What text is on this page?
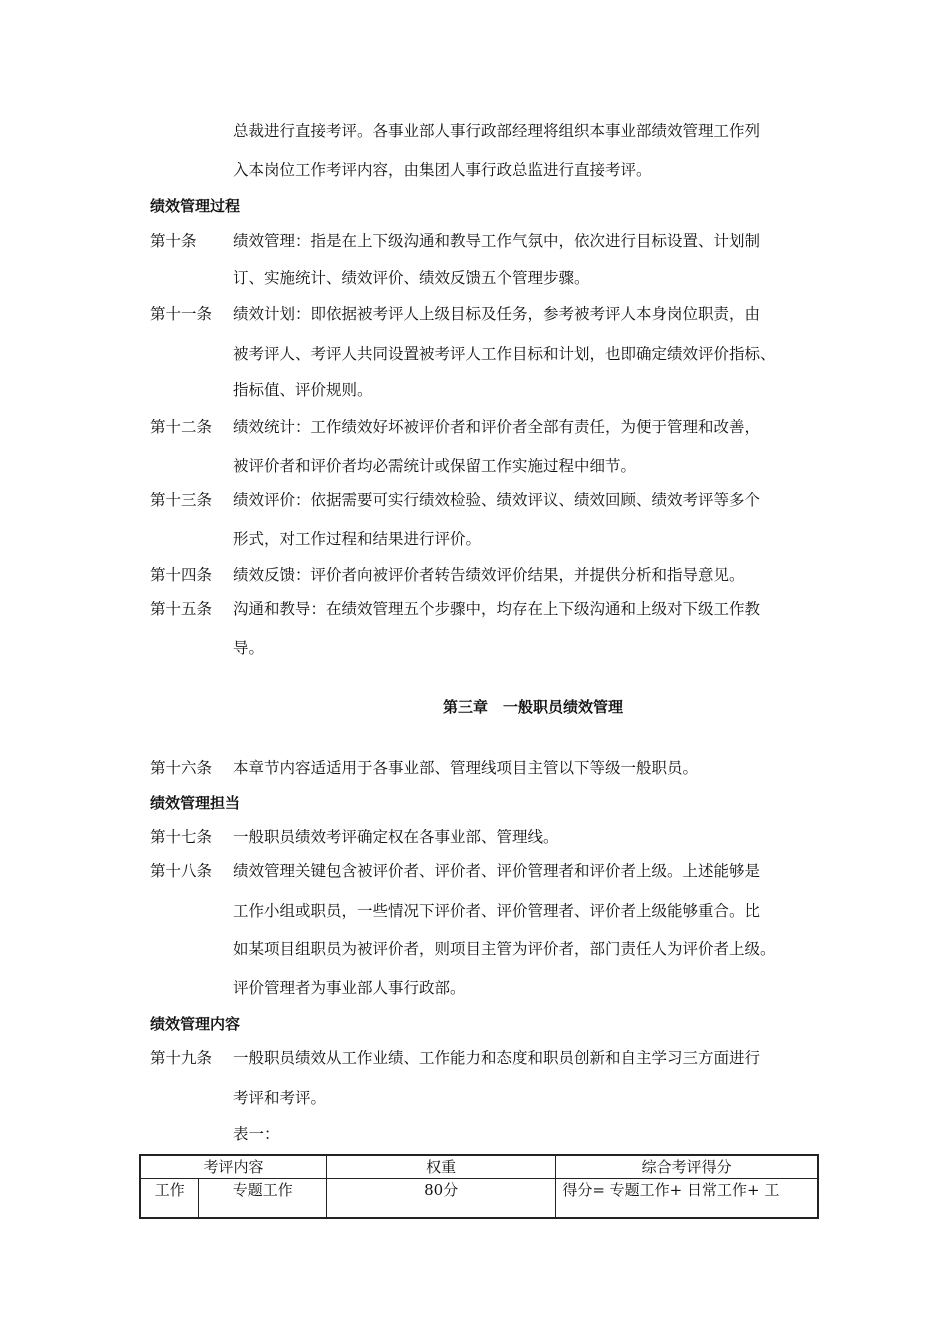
总裁进行直接考评。各事业部人事行政部经理将组织本事业部绩效管理工作列
入本岗位工作考评内容，由集团人事行政总监进行直接考评。
绩效管理过程
第十条 绩效管理：指是在上下级沟通和教导工作气氛中，依次进行目标设置、计划制
订、实施统计、绩效评价、绩效反馈五个管理步骤。
第十一条 绩效计划：即依据被考评人上级目标及任务，参考被考评人本身岗位职责，由
被考评人、考评人共同设置被考评人工作目标和计划，也即确定绩效评价指标、
指标值、评价规则。
第十二条 绩效统计：工作绩效好坏被评价者和评价者全部有责任，为便于管理和改善，
被评价者和评价者均必需统计或保留工作实施过程中细节。
第十三条 绩效评价：依据需要可实行绩效检验、绩效评议、绩效回顾、绩效考评等多个
形式，对工作过程和结果进行评价。
第十四条 绩效反馈：评价者向被评价者转告绩效评价结果，并提供分析和指导意见。
第十五条 沟通和教导：在绩效管理五个步骤中，均存在上下级沟通和上级对下级工作教
导。
第三章　一般职员绩效管理
第十六条 本章节内容适适用于各事业部、管理线项目主管以下等级一般职员。
绩效管理担当
第十七条 一般职员绩效考评确定权在各事业部、管理线。
第十八条 绩效管理关键包含被评价者、评价者、评价管理者和评价者上级。上述能够是
工作小组或职员，一些情况下评价者、评价管理者、评价者上级能够重合。比
如某项目组职员为被评价者，则项目主管为评价者，部门责任人为评价者上级。
评价管理者为事业部人事行政部。
绩效管理内容
第十九条 一般职员绩效从工作业绩、工作能力和态度和职员创新和自主学习三方面进行
考评和考评。
表一：
考评内容		权重	综合考评得分
工作	专题工作	80分	得分= 专题工作+ 日常工作+ 工
